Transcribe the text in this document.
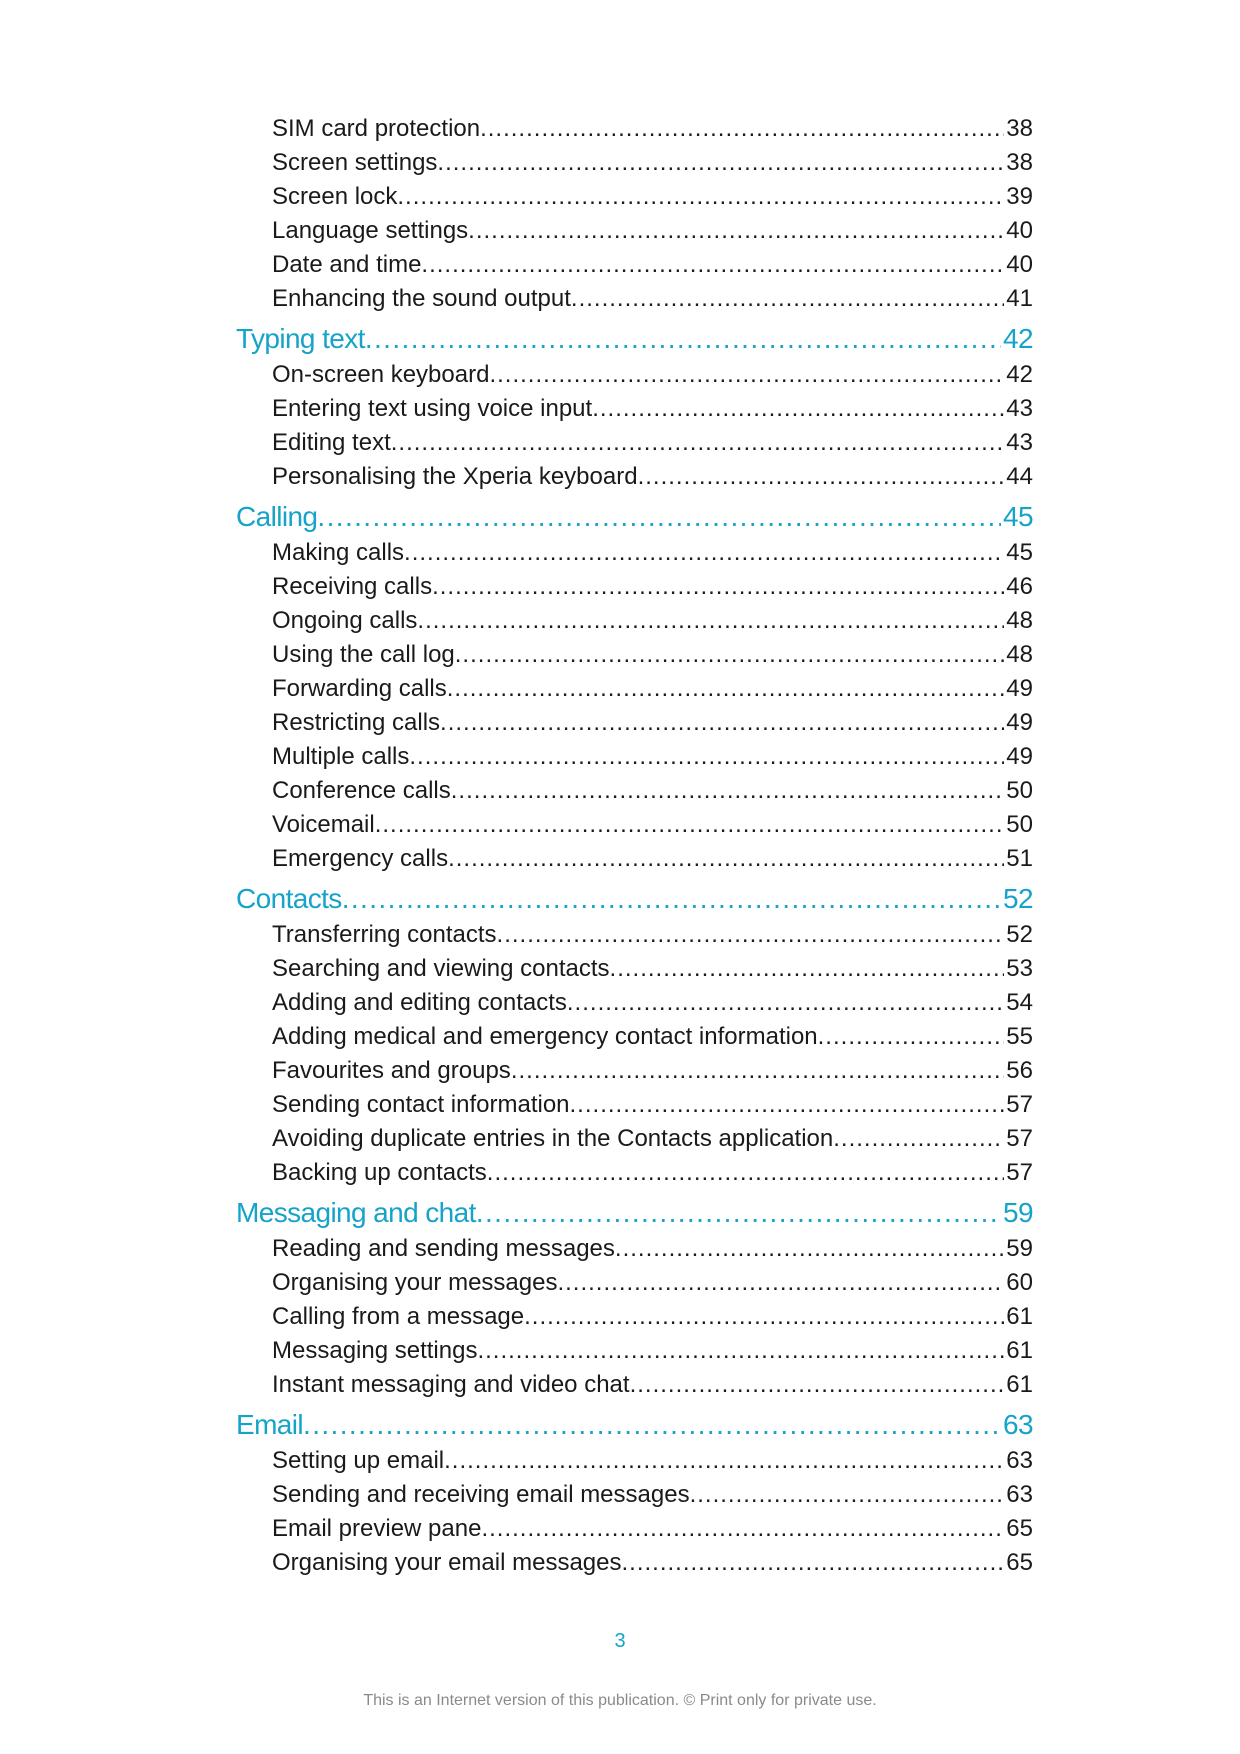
SIM card protection .....	38
Screen settings .....	38
Screen lock .....	39
Language settings .....	40
Date and time .....	40
Enhancing the sound output .....	41
Typing text .....	42
On-screen keyboard .....	42
Entering text using voice input .....	43
Editing text .....	43
Personalising the Xperia keyboard .....	44
Calling .....	45
Making calls .....	45
Receiving calls .....	46
Ongoing calls .....	48
Using the call log .....	48
Forwarding calls .....	49
Restricting calls .....	49
Multiple calls .....	49
Conference calls .....	50
Voicemail .....	50
Emergency calls .....	51
Contacts .....	52
Transferring contacts .....	52
Searching and viewing contacts .....	53
Adding and editing contacts .....	54
Adding medical and emergency contact information .....	55
Favourites and groups .....	56
Sending contact information .....	57
Avoiding duplicate entries in the Contacts application .....	57
Backing up contacts .....	57
Messaging and chat .....	59
Reading and sending messages .....	59
Organising your messages .....	60
Calling from a message .....	61
Messaging settings .....	61
Instant messaging and video chat .....	61
Email .....	63
Setting up email .....	63
Sending and receiving email messages .....	63
Email preview pane .....	65
Organising your email messages .....	65
3
This is an Internet version of this publication. © Print only for private use.
